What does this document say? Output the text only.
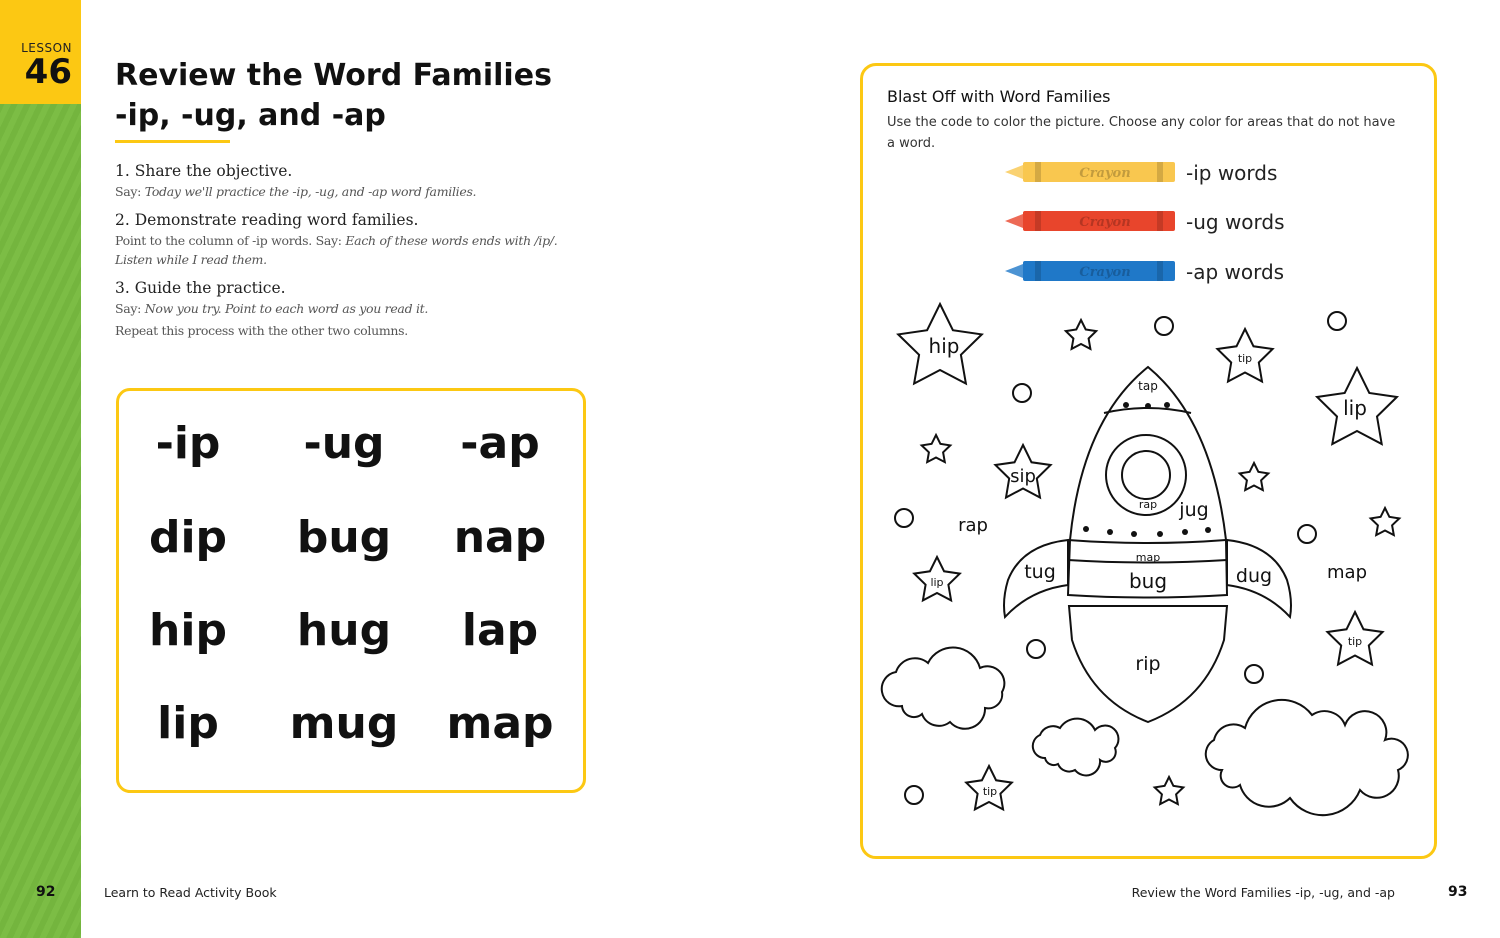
LESSON
46 Review the Word Families
-ip, -ug, and -ap
1. Share the objective.

Say: Today we'll practice the -ip, -ug, and -ap word families.

2. Demonstrate reading word families.

Point to the column of -ip words. Say: Each of these words ends with /ip/. Listen while I read them.

3. Guide the practice.

Say: Now you try. Point to each word as you read it.

Repeat this process with the other two columns.

-ip	-ug	-ap
dip	bug	nap
hip	hug	lap
lip	mug	map
Blast Off with Word Families
Use the code to color the picture. Choose any color for areas that do not have a word.
Crayon	-ip words
Crayon	-ug words
Crayon	-ap words
hip
tip
lip
sip
lip
tip
tip
rap
map
tap
rap jug
map
bug
tug	dug
rip
92	Learn to Read Activity Book	Review the Word Families -ip, -ug, and -ap	93
